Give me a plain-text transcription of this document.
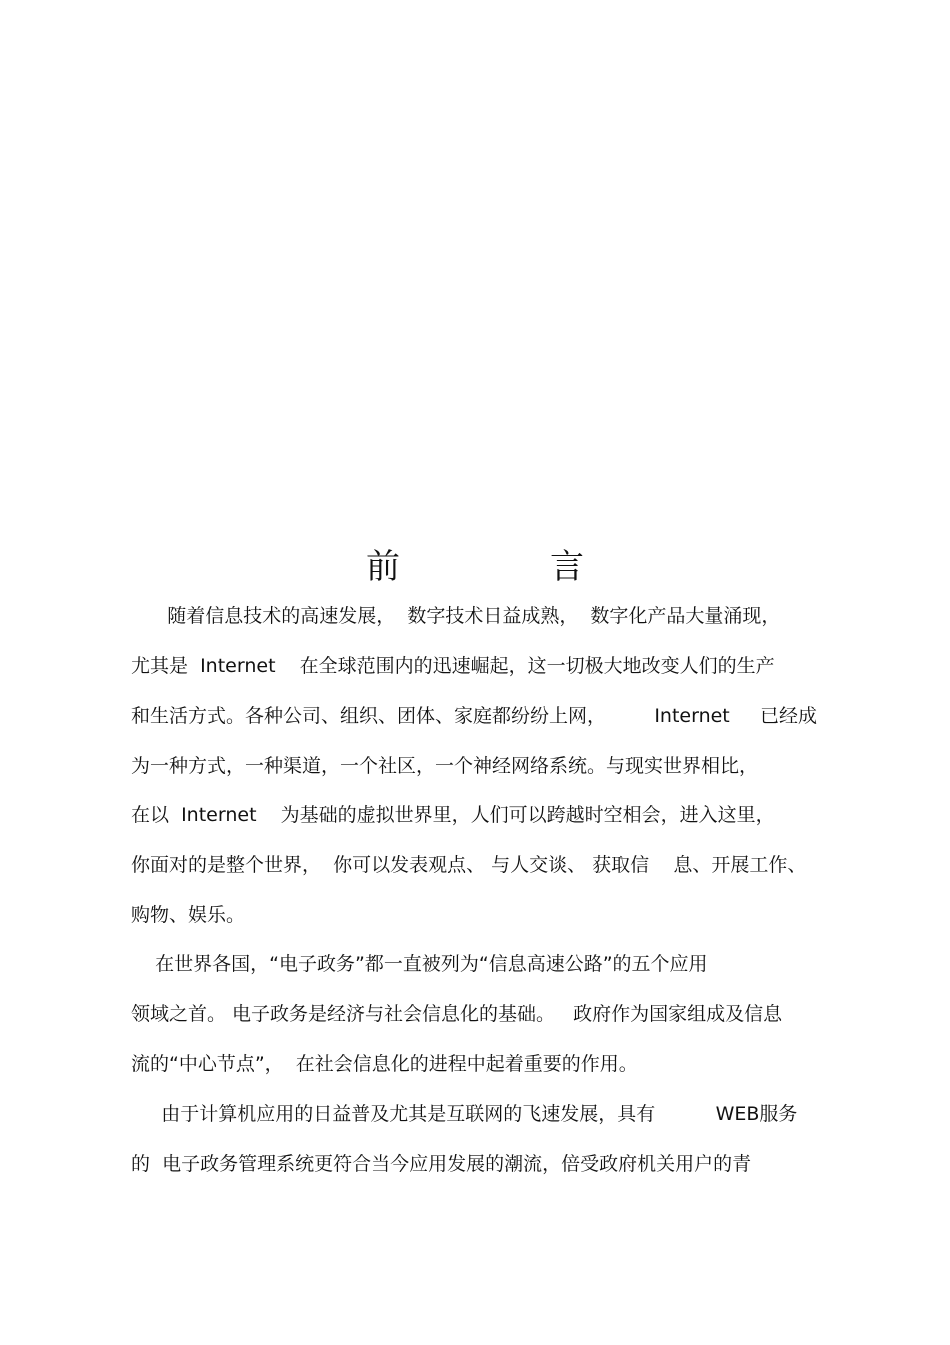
前　言
随着信息技术的高速发展，  数字技术日益成熟，  数字化产品大量涌现，
尤其是  Internet    在全球范围内的迅速崛起，这一切极大地改变人们的生产
和生活方式。各种公司、组织、团体、家庭都纷纷上网，        Internet     已经成
为一种方式，一种渠道，一个社区，一个神经网络系统。与现实世界相比，
在以  Internet    为基础的虚拟世界里，人们可以跨越时空相会，进入这里，
你面对的是整个世界，  你可以发表观点、 与人交谈、 获取信    息、开展工作、
购物、娱乐。
在世界各国，“电子政务”都一直被列为“信息高速公路”的五个应用
领域之首。 电子政务是经济与社会信息化的基础。   政府作为国家组成及信息
流的“中心节点”，  在社会信息化的进程中起着重要的作用。
由于计算机应用的日益普及尤其是互联网的飞速发展，具有          WEB服务
的  电子政务管理系统更符合当今应用发展的潮流，倍受政府机关用户的青
